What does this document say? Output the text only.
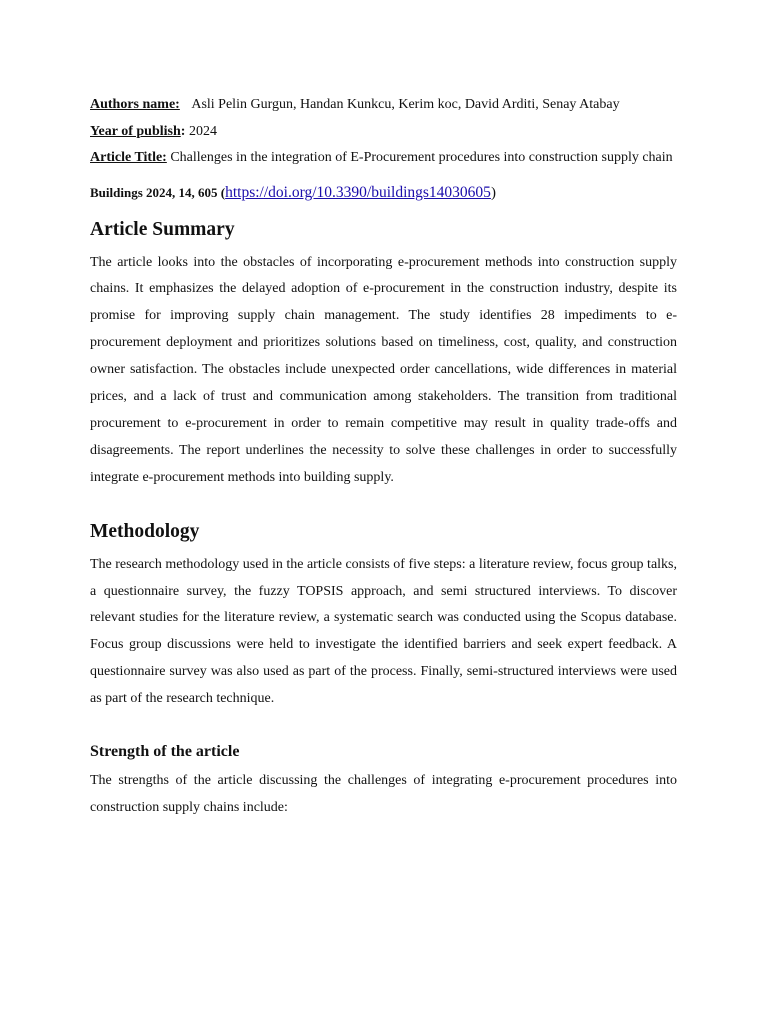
Authors name: Asli Pelin Gurgun, Handan Kunkcu, Kerim koc, David Arditi, Senay Atabay
Year of publish: 2024
Article Title: Challenges in the integration of E-Procurement procedures into construction supply chain
Buildings 2024, 14, 605 (https://doi.org/10.3390/buildings14030605)
Article Summary

The article looks into the obstacles of incorporating e-procurement methods into construction supply chains. It emphasizes the delayed adoption of e-procurement in the construction industry, despite its promise for improving supply chain management. The study identifies 28 impediments to e-procurement deployment and prioritizes solutions based on timeliness, cost, quality, and construction owner satisfaction. The obstacles include unexpected order cancellations, wide differences in material prices, and a lack of trust and communication among stakeholders. The transition from traditional procurement to e-procurement in order to remain competitive may result in quality trade-offs and disagreements. The report underlines the necessity to solve these challenges in order to successfully integrate e-procurement methods into building supply.

Methodology

The research methodology used in the article consists of five steps: a literature review, focus group talks, a questionnaire survey, the fuzzy TOPSIS approach, and semi structured interviews. To discover relevant studies for the literature review, a systematic search was conducted using the Scopus database. Focus group discussions were held to investigate the identified barriers and seek expert feedback. A questionnaire survey was also used as part of the process. Finally, semi-structured interviews were used as part of the research technique.

Strength of the article

The strengths of the article discussing the challenges of integrating e-procurement procedures into construction supply chains include:
